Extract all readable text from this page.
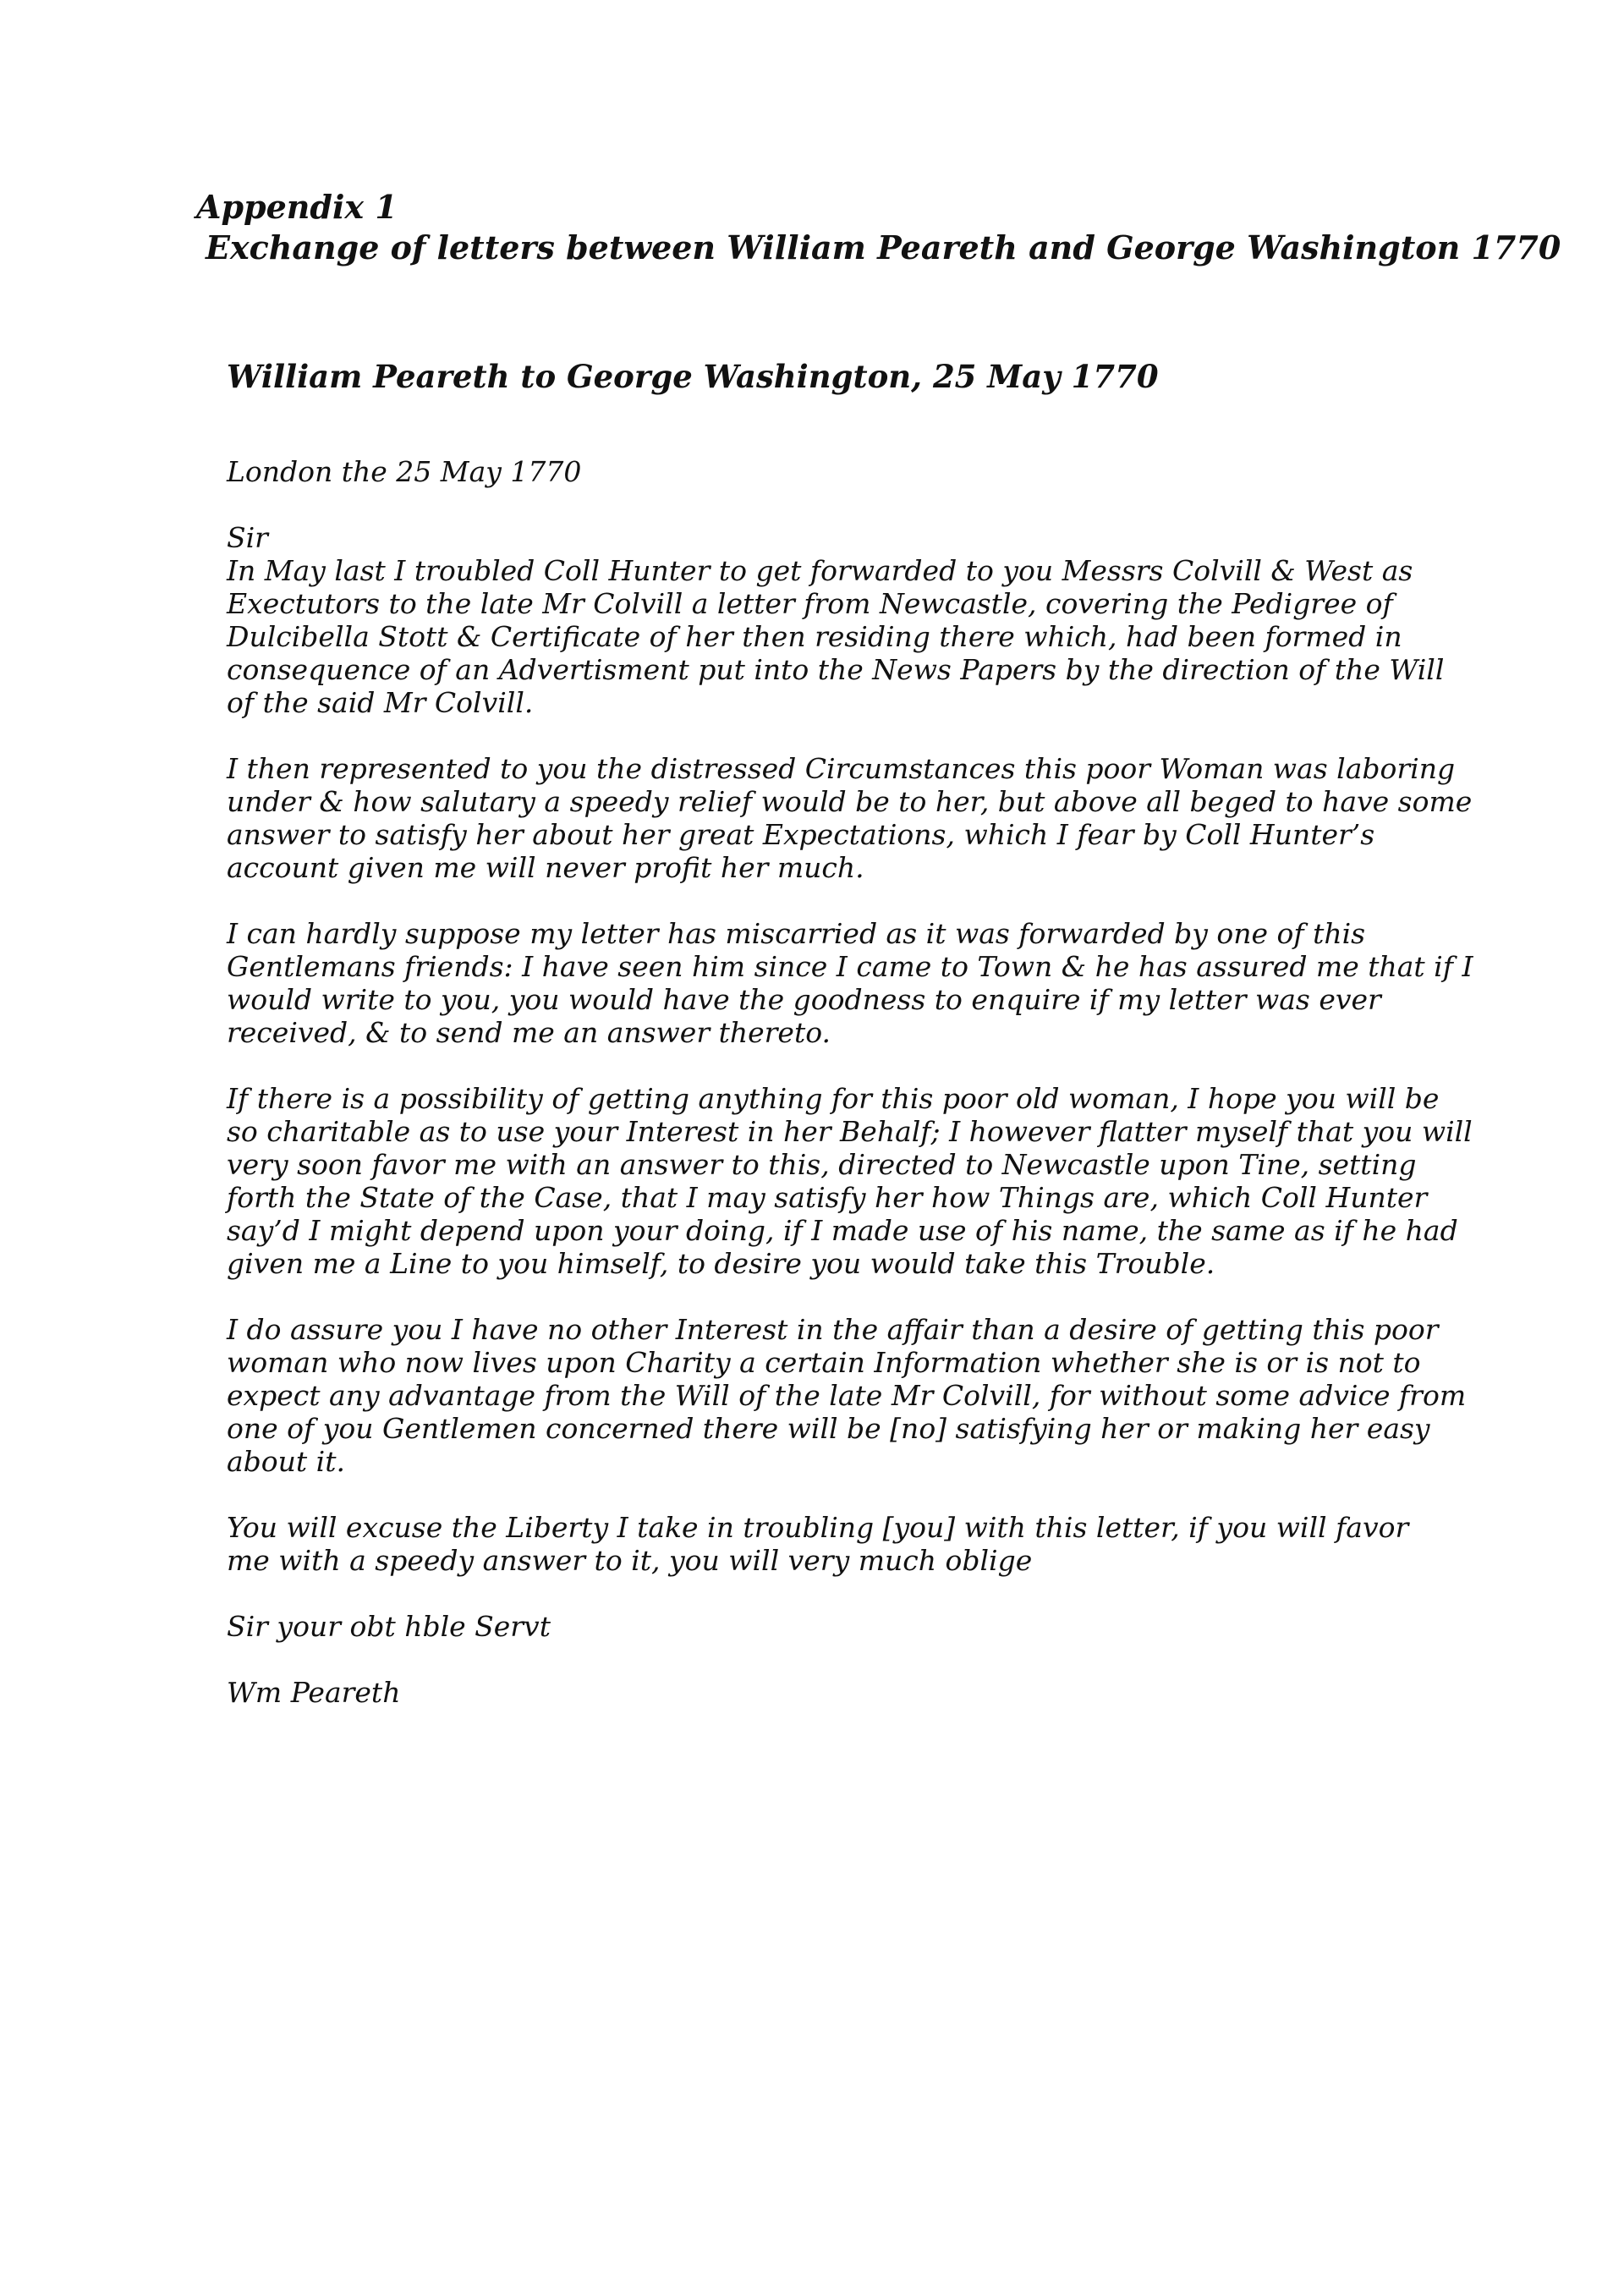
Appendix 1
Exchange of letters between William Peareth and George Washington 1770
William Peareth to George Washington, 25 May 1770

London the 25 May 1770

Sir

In May last I troubled Coll Hunter to get forwarded to you Messrs Colvill & West as
Exectutors to the late Mr Colvill a letter from Newcastle, covering the Pedigree of
Dulcibella Stott & Certificate of her then residing there which, had been formed in
consequence of an Advertisment put into the News Papers by the direction of the Will
of the said Mr Colvill.

I then represented to you the distressed Circumstances this poor Woman was laboring
under & how salutary a speedy relief would be to her, but above all beged to have some
answer to satisfy her about her great Expectations, which I fear by Coll Hunter’s
account given me will never profit her much.

I can hardly suppose my letter has miscarried as it was forwarded by one of this
Gentlemans friends: I have seen him since I came to Town & he has assured me that if I
would write to you, you would have the goodness to enquire if my letter was ever
received, & to send me an answer thereto.

If there is a possibility of getting anything for this poor old woman, I hope you will be
so charitable as to use your Interest in her Behalf; I however flatter myself that you will
very soon favor me with an answer to this, directed to Newcastle upon Tine, setting
forth the State of the Case, that I may satisfy her how Things are, which Coll Hunter
say’d I might depend upon your doing, if I made use of his name, the same as if he had
given me a Line to you himself, to desire you would take this Trouble.

I do assure you I have no other Interest in the affair than a desire of getting this poor
woman who now lives upon Charity a certain Information whether she is or is not to
expect any advantage from the Will of the late Mr Colvill, for without some advice from
one of you Gentlemen concerned there will be [no] satisfying her or making her easy
about it.

You will excuse the Liberty I take in troubling [you] with this letter, if you will favor
me with a speedy answer to it, you will very much oblige

Sir your obt hble Servt

Wm Peareth
